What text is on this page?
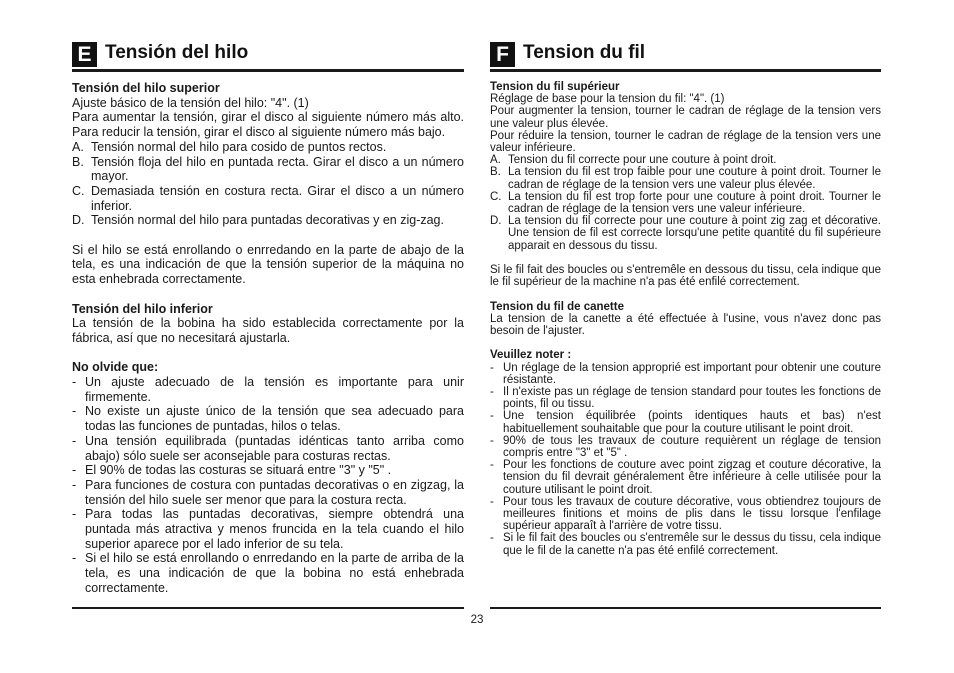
E Tensión del hilo
Tensión del hilo superior
Ajuste básico de la tensión del hilo: "4". (1)
Para aumentar la tensión, girar el disco al siguiente número más alto. Para reducir la tensión, girar el disco al siguiente número más bajo.
A. Tensión normal del hilo para cosido de puntos rectos.
B. Tensión floja del hilo en puntada recta. Girar el disco a un número mayor.
C. Demasiada tensión en costura recta. Girar el disco a un número inferior.
D. Tensión normal del hilo para puntadas decorativas y en zig-zag.
Si el hilo se está enrollando o enrredando en la parte de abajo de la tela, es una indicación de que la tensión superior de la máquina no esta enhebrada correctamente.
Tensión del hilo inferior
La tensión de la bobina ha sido establecida correctamente por la fábrica, así que no necesitará ajustarla.
No olvide que:
- Un ajuste adecuado de la tensión es importante para unir firmemente.
- No existe un ajuste único de la tensión que sea adecuado para todas las funciones de puntadas, hilos o telas.
- Una tensión equilibrada (puntadas idénticas tanto arriba como abajo) sólo suele ser aconsejable para costuras rectas.
- El 90% de todas las costuras se situará entre "3" y "5" .
- Para funciones de costura con puntadas decorativas o en zigzag, la tensión del hilo suele ser menor que para la costura recta.
- Para todas las puntadas decorativas, siempre obtendrá una puntada más atractiva y menos fruncida en la tela cuando el hilo superior aparece por el lado inferior de su tela.
- Si el hilo se está enrollando o enrredando en la parte de arriba de la tela, es una indicación de que la bobina no está enhebrada correctamente.
F Tension du fil
Tension du fil supérieur
Réglage de base pour la tension du fil: "4". (1)
Pour augmenter la tension, tourner le cadran de réglage de la tension vers une valeur plus élevée.
Pour réduire la tension, tourner le cadran de réglage de la tension vers une valeur inférieure.
A. Tension du fil correcte pour une couture à point droit.
B. La tension du fil est trop faible pour une couture à point droit. Tourner le cadran de réglage de la tension vers une valeur plus élevée.
C. La tension du fil est trop forte pour une couture à point droit. Tourner le cadran de réglage de la tension vers une valeur inférieure.
D. La tension du fil correcte pour une couture à point zig zag et décorative. Une tension de fil est correcte lorsqu'une petite quantité du fil supérieure apparait en dessous du tissu.
Si le fil fait des boucles ou s'entremêle en dessous du tissu, cela indique que le fil supérieur de la machine n'a pas été enfilé correctement.
Tension du fil de canette
La tension de la canette a été effectuée à l'usine, vous n'avez donc pas besoin de l'ajuster.
Veuillez noter :
- Un réglage de la tension approprié est important pour obtenir une couture résistante.
- Il n'existe pas un réglage de tension standard pour toutes les fonctions de points, fil ou tissu.
- Une tension équilibrée (points identiques hauts et bas) n'est habituellement souhaitable que pour la couture utilisant le point droit.
- 90% de tous les travaux de couture requièrent un réglage de tension compris entre "3" et "5" .
- Pour les fonctions de couture avec point zigzag et couture décorative, la tension du fil devrait généralement être inférieure à celle utilisée pour la couture utilisant le point droit.
- Pour tous les travaux de couture décorative, vous obtiendrez toujours de meilleures finitions et moins de plis dans le tissu lorsque l'enfilage supérieur apparaît à l'arrière de votre tissu.
- Si le fil fait des boucles ou s'entremêle sur le dessus du tissu, cela indique que le fil de la canette n'a pas été enfilé correctement.
23
